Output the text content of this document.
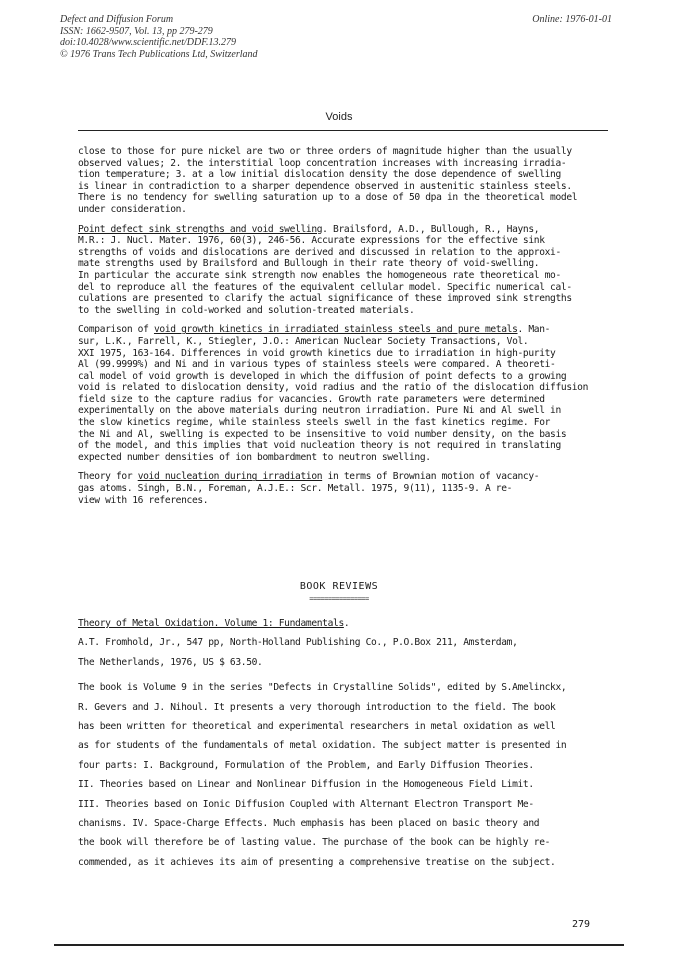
Defect and Diffusion Forum
ISSN: 1662-9507, Vol. 13, pp 279-279
doi:10.4028/www.scientific.net/DDF.13.279
© 1976 Trans Tech Publications Ltd, Switzerland
Online: 1976-01-01
Voids
close to those for pure nickel are two or three orders of magnitude higher than the usually
observed values; 2. the interstitial loop concentration increases with increasing irradia-
tion temperature; 3. at a low initial dislocation density the dose dependence of swelling
is linear in contradiction to a sharper dependence observed in austenitic stainless steels.
There is no tendency for swelling saturation up to a dose of 50 dpa in the theoretical model
under consideration.
Point defect sink strengths and void swelling. Brailsford, A.D., Bullough, R., Hayns,
M.R.: J. Nucl. Mater. 1976, 60(3), 246-56. Accurate expressions for the effective sink
strengths of voids and dislocations are derived and discussed in relation to the approxi-
mate strengths used by Brailsford and Bullough in their rate theory of void-swelling.
In particular the accurate sink strength now enables the homogeneous rate theoretical mo-
del to reproduce all the features of the equivalent cellular model. Specific numerical cal-
culations are presented to clarify the actual significance of these improved sink strengths
to the swelling in cold-worked and solution-treated materials.
Comparison of void growth kinetics in irradiated stainless steels and pure metals. Man-
sur, L.K., Farrell, K., Stiegler, J.O.: American Nuclear Society Transactions, Vol.
XXI 1975, 163-164. Differences in void growth kinetics due to irradiation in high-purity
Al (99.9999%) and Ni and in various types of stainless steels were compared. A theoreti-
cal model of void growth is developed in which the diffusion of point defects to a growing
void is related to dislocation density, void radius and the ratio of the dislocation diffusion
field size to the capture radius for vacancies. Growth rate parameters were determined
experimentally on the above materials during neutron irradiation. Pure Ni and Al swell in
the slow kinetics regime, while stainless steels swell in the fast kinetics regime. For
the Ni and Al, swelling is expected to be insensitive to void number density, on the basis
of the model, and this implies that void nucleation theory is not required in translating
expected number densities of ion bombardment to neutron swelling.
Theory for void nucleation during irradiation in terms of Brownian motion of vacancy-
gas atoms. Singh, B.N., Foreman, A.J.E.: Scr. Metall. 1975, 9(11), 1135-9. A re-
view with 16 references.
BOOK REVIEWS
================
Theory of Metal Oxidation. Volume 1: Fundamentals.
A.T. Fromhold, Jr., 547 pp, North-Holland Publishing Co., P.O.Box 211, Amsterdam,
The Netherlands, 1976, US $ 63.50.
The book is Volume 9 in the series "Defects in Crystalline Solids", edited by S.Amelinckx,
R. Gevers and J. Nihoul. It presents a very thorough introduction to the field. The book
has been written for theoretical and experimental researchers in metal oxidation as well
as for students of the fundamentals of metal oxidation. The subject matter is presented in
four parts: I. Background, Formulation of the Problem, and Early Diffusion Theories.
II. Theories based on Linear and Nonlinear Diffusion in the Homogeneous Field Limit.
III. Theories based on Ionic Diffusion Coupled with Alternant Electron Transport Me-
chanisms. IV. Space-Charge Effects. Much emphasis has been placed on basic theory and
the book will therefore be of lasting value. The purchase of the book can be highly re-
commended, as it achieves its aim of presenting a comprehensive treatise on the subject.
279
